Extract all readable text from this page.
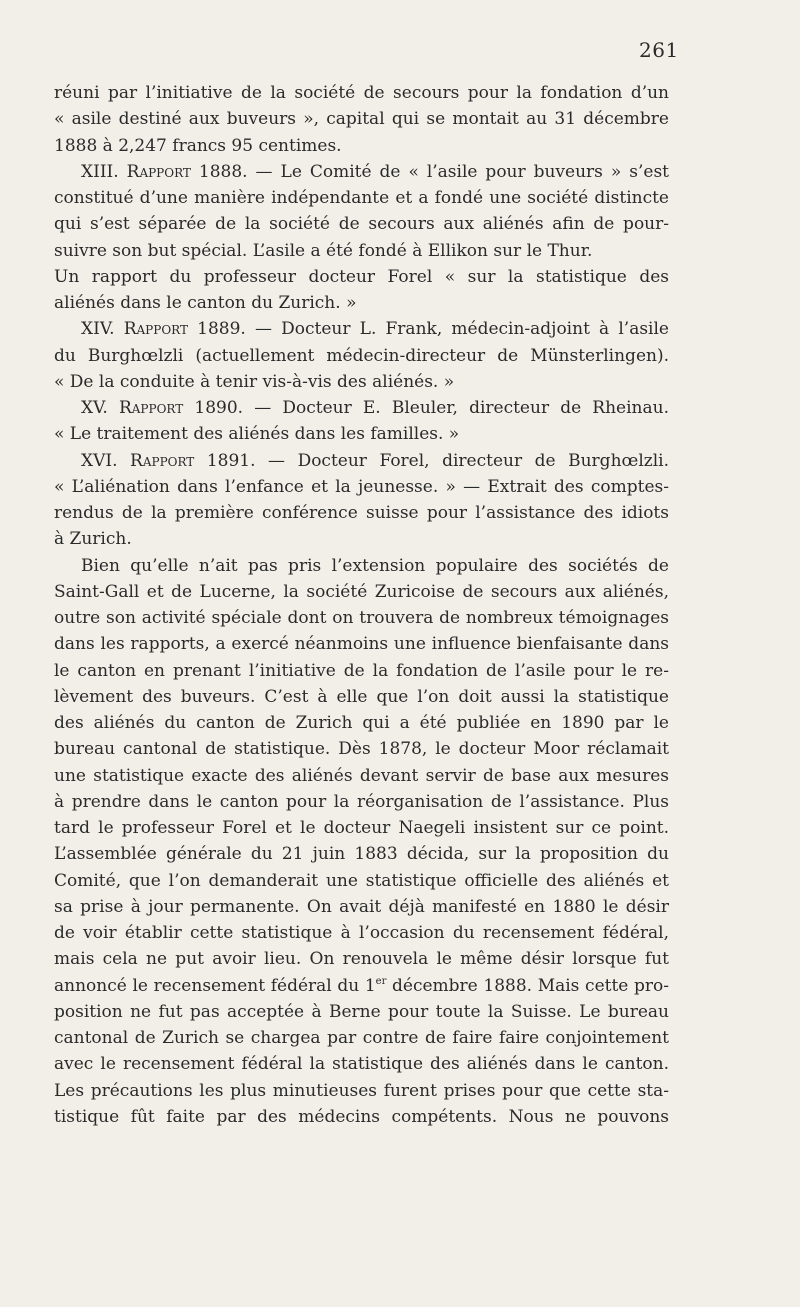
261
réuni par l’initiative de la société de secours pour la fondation d’un
« asile destiné aux buveurs », capital qui se montait au 31 décembre
1888 à 2,247 francs 95 centimes.
XIII. Rapport 1888. — Le Comité de « l’asile pour buveurs » s’est
constitué d’une manière indépendante et a fondé une société distincte
qui s’est séparée de la société de secours aux aliénés afin de pour-
suivre son but spécial. L’asile a été fondé à Ellikon sur le Thur.
Un rapport du professeur docteur Forel « sur la statistique des
aliénés dans le canton du Zurich. »
XIV. Rapport 1889. — Docteur L. Frank, médecin-adjoint à l’asile
du Burghœlzli (actuellement médecin-directeur de Münsterlingen).
« De la conduite à tenir vis-à-vis des aliénés. »
XV. Rapport 1890. — Docteur E. Bleuler, directeur de Rheinau.
« Le traitement des aliénés dans les familles. »
XVI. Rapport 1891. — Docteur Forel, directeur de Burghœlzli.
« L’aliénation dans l’enfance et la jeunesse. » — Extrait des comptes-
rendus de la première conférence suisse pour l’assistance des idiots
à Zurich.
Bien qu’elle n’ait pas pris l’extension populaire des sociétés de
Saint-Gall et de Lucerne, la société Zuricoise de secours aux aliénés,
outre son activité spéciale dont on trouvera de nombreux témoignages
dans les rapports, a exercé néanmoins une influence bienfaisante dans
le canton en prenant l’initiative de la fondation de l’asile pour le re-
lèvement des buveurs. C’est à elle que l’on doit aussi la statistique
des aliénés du canton de Zurich qui a été publiée en 1890 par le
bureau cantonal de statistique. Dès 1878, le docteur Moor réclamait
une statistique exacte des aliénés devant servir de base aux mesures
à prendre dans le canton pour la réorganisation de l’assistance. Plus
tard le professeur Forel et le docteur Naegeli insistent sur ce point.
L’assemblée générale du 21 juin 1883 décida, sur la proposition du
Comité, que l’on demanderait une statistique officielle des aliénés et
sa prise à jour permanente. On avait déjà manifesté en 1880 le désir
de voir établir cette statistique à l’occasion du recensement fédéral,
mais cela ne put avoir lieu. On renouvela le même désir lorsque fut
annoncé le recensement fédéral du 1er décembre 1888. Mais cette pro-
position ne fut pas acceptée à Berne pour toute la Suisse. Le bureau
cantonal de Zurich se chargea par contre de faire faire conjointement
avec le recensement fédéral la statistique des aliénés dans le canton.
Les précautions les plus minutieuses furent prises pour que cette sta-
tistique fût faite par des médecins compétents. Nous ne pouvons
